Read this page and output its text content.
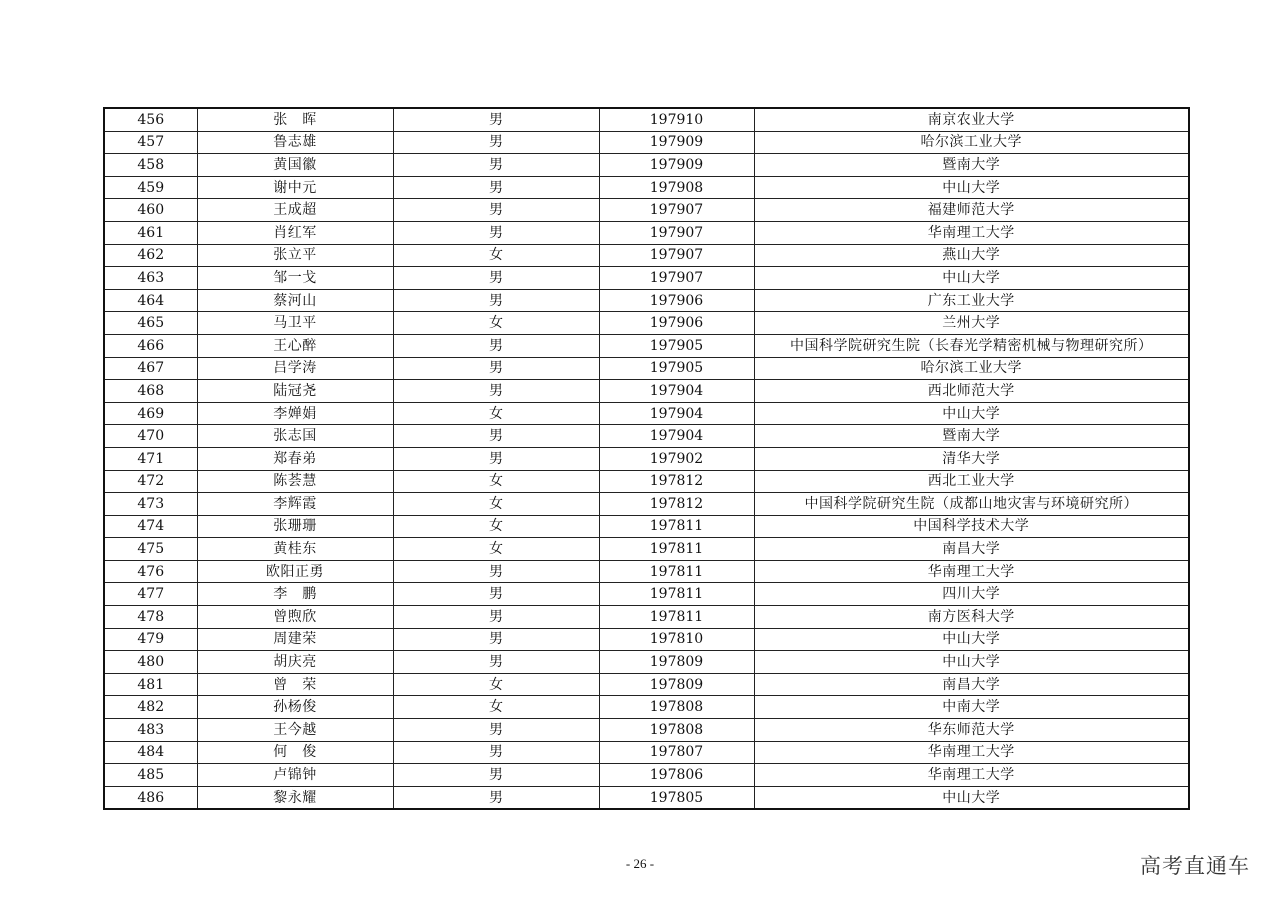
456	张　晖	男	197910	南京农业大学
457	鲁志雄	男	197909	哈尔滨工业大学
458	黄国徽	男	197909	暨南大学
459	谢中元	男	197908	中山大学
460	王成超	男	197907	福建师范大学
461	肖红军	男	197907	华南理工大学
462	张立平	女	197907	燕山大学
463	邹一戈	男	197907	中山大学
464	蔡河山	男	197906	广东工业大学
465	马卫平	女	197906	兰州大学
466	王心醉	男	197905	中国科学院研究生院（长春光学精密机械与物理研究所）
467	吕学涛	男	197905	哈尔滨工业大学
468	陆冠尧	男	197904	西北师范大学
469	李婵娟	女	197904	中山大学
470	张志国	男	197904	暨南大学
471	郑春弟	男	197902	清华大学
472	陈荟慧	女	197812	西北工业大学
473	李辉霞	女	197812	中国科学院研究生院（成都山地灾害与环境研究所）
474	张珊珊	女	197811	中国科学技术大学
475	黄桂东	女	197811	南昌大学
476	欧阳正勇	男	197811	华南理工大学
477	李　鹏	男	197811	四川大学
478	曾煦欣	男	197811	南方医科大学
479	周建荣	男	197810	中山大学
480	胡庆亮	男	197809	中山大学
481	曾　荣	女	197809	南昌大学
482	孙杨俊	女	197808	中南大学
483	王今越	男	197808	华东师范大学
484	何　俊	男	197807	华南理工大学
485	卢锦钟	男	197806	华南理工大学
486	黎永耀	男	197805	中山大学
- 26 -	高考直通车
